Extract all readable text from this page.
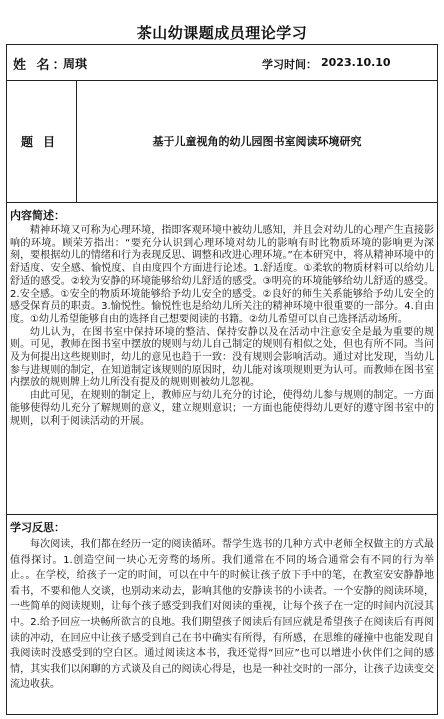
茶山幼课题成员理论学习
姓 名：
周琪	学习时间： 2023.10.10
题目	基于儿童视角的幼儿园图书室阅读环境研究
内容简述：

精神环境又可称为心理环境，指即客观环境中被幼儿感知，并且会对幼儿的心理产生直接影响的环境。顾荣芳指出：“要充分认识到心理环境对幼儿的影响有时比物质环境的影响更为深刻，要根据幼儿的情绪和行为表现反思、调整和改进心理环境。”在本研究中，将从精神环境中的舒适度、安全感、愉悦度、自由度四个方面进行论述。1.舒适度。①柔软的物质材料可以给幼儿舒适的感受。②较为安静的环境能够给幼儿舒适的感受。③明亮的环境能够给幼儿舒适的感受。2.安全感。①安全的物质环境能够给予幼儿安全的感受。②良好的师生关系能够给予幼儿安全的感受保育员的职责。3.愉悦性。愉悦性也是给幼儿所关注的精神环境中很重要的一部分。4.自由度。①幼儿希望能够自由的选择自己想要阅读的书籍。②幼儿希望可以自己选择活动场所。

幼儿认为，在图书室中保持环境的整洁、保持安静以及在活动中注意安全是最为重要的规则。可见，教师在图书室中摆放的规则与幼儿自己制定的规则有相似之处，但也有所不同。当问及为何提出这些规则时，幼儿的意见也趋于一致：没有规则会影响活动。通过对比发现，当幼儿参与进规则的制定，在知道制定该规则的原因时，幼儿能对该项规则更为认可。而教师在图书室内摆放的规则牌上幼儿所没有提及的规则则被幼儿忽视。

由此可见，在规则的制定上，教师应与幼儿充分的讨论，使得幼儿参与规则的制定。一方面能够使得幼儿充分了解规则的意义，建立规则意识；一方面也能使得幼儿更好的遵守图书室中的规则，以利于阅读活动的开展。

学习反思：

每次阅读，我们都在经历一定的阅读循环。帮学生选书的几种方式中老师全权做主的方式最值得探讨。1.创造空间一块心无旁骛的场所。我们通常在不同的场合通常会有不同的行为举止。。在学校，给孩子一定的时间，可以在中午的时候让孩子放下手中的笔，在教室安安静静地看书，不要和他人交谈，也别动来动去，影响其他的安静读书的小读者。一个安静的阅读环境，一些简单的阅读规则，让每个孩子感受到我们对阅读的重视，让每个孩子在一定的时间内沉浸其中。2.给予回应一块畅所欲言的良地。我们期望孩子阅读后有回应就是希望孩子在阅读后有再阅读的冲动，在回应中让孩子感受到自己在书中确实有所得，有所感，在思维的碰撞中也能发现自我阅读时没感受到的空白区。通过阅读这本书，我还觉得“回应”也可以增进小伙伴们之间的感情，其实我们以闲聊的方式谈及自己的阅读心得是，也是一种社交时的一部分，让孩子边读变交流边收获。
